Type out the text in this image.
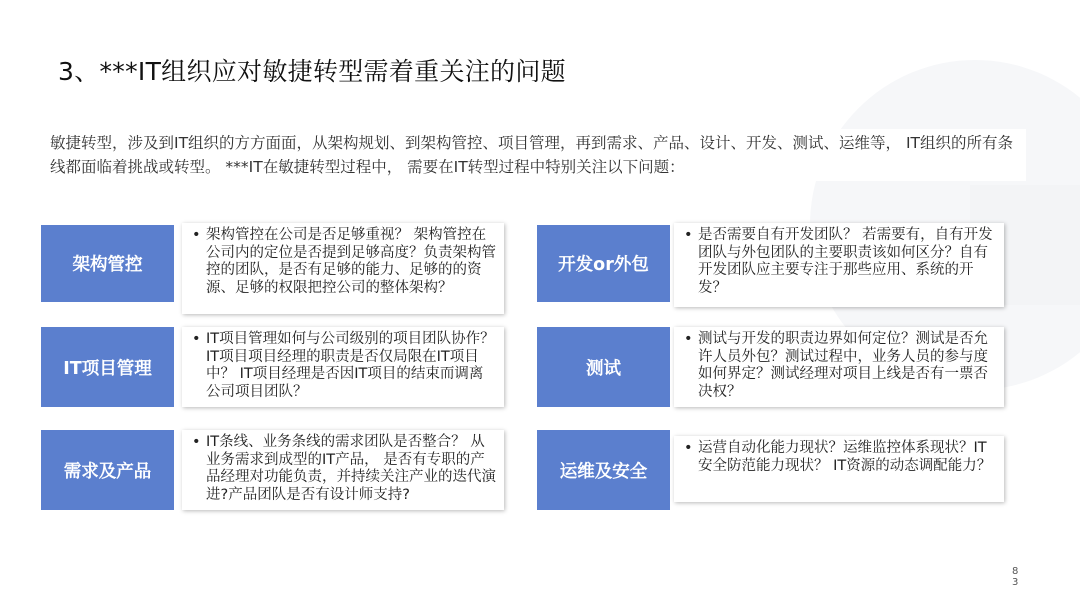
3、***IT组织应对敏捷转型需着重关注的问题
敏捷转型，涉及到IT组织的方方面面，从架构规划、到架构管控、项目管理，再到需求、产品、设计、开发、测试、运维等， IT组织的所有条线都面临着挑战或转型。 ***IT在敏捷转型过程中， 需要在IT转型过程中特别关注以下问题：
架构管控
• 架构管控在公司是否足够重视？ 架构管控在公司内的定位是否提到足够高度？负责架构管控的团队，是否有足够的能力、足够的的资源、足够的权限把控公司的整体架构？
IT项目管理
• IT项目管理如何与公司级别的项目团队协作？IT项目项目经理的职责是否仅局限在IT项目中？ IT项目经理是否因IT项目的结束而调离公司项目团队？
需求及产品
• IT条线、业务条线的需求团队是否整合？ 从业务需求到成型的IT产品， 是否有专职的产品经理对功能负责，并持续关注产业的迭代演进?产品团队是否有设计师支持?
开发or外包
• 是否需要自有开发团队？ 若需要有，自有开发团队与外包团队的主要职责该如何区分？自有开发团队应主要专注于那些应用、系统的开发？
测试
• 测试与开发的职责边界如何定位？测试是否允许人员外包？测试过程中，业务人员的参与度如何界定？测试经理对项目上线是否有一票否决权？
运维及安全
• 运营自动化能力现状？运维监控体系现状？IT安全防范能力现状？ IT资源的动态调配能力？
83
